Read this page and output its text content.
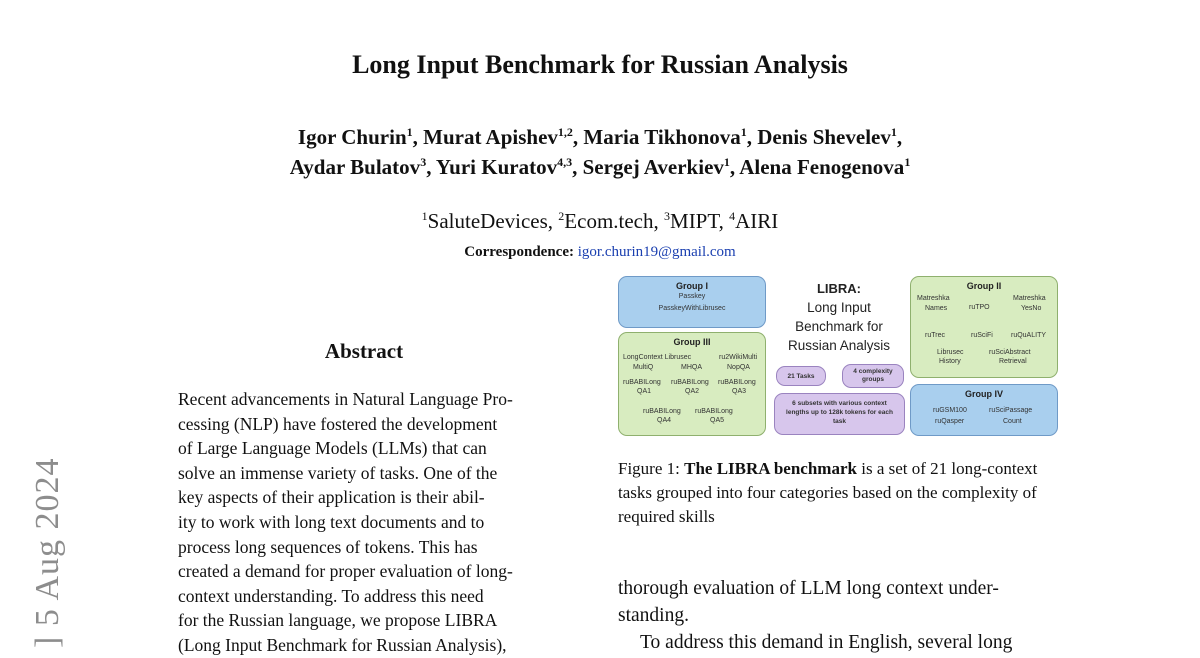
] 5 Aug 2024
Long Input Benchmark for Russian Analysis
Igor Churin$^1$, Murat Apishev$^{1,2}$, Maria Tikhonova$^1$, Denis Shevelev$^1$,
Aydar Bulatov$^3$, Yuri Kuratov$^{4,3}$, Sergej Averkiev$^1$, Alena Fenogenova$^1$
$^1$SaluteDevices, $^2$Ecom.tech, $^3$MIPT, $^4$AIRI
Correspondence: igor.churin19@gmail.com
Abstract
Recent advancements in Natural Language Pro-
cessing (NLP) have fostered the development
of Large Language Models (LLMs) that can
solve an immense variety of tasks. One of the
key aspects of their application is their abil-
ity to work with long text documents and to
process long sequences of tokens. This has
created a demand for proper evaluation of long-
context understanding. To address this need
for the Russian language, we propose LIBRA
(Long Input Benchmark for Russian Analysis),
Group I
Passkey
PasskeyWithLibrusec
Group III
LongContext Librusec	ru2WikiMulti
MultiQ	MHQA	NopQA
ruBABILong ruBABILong ruBABILong
QA1	QA2	QA3
ruBABILong ruBABILong
QA4	QA5
LIBRA:
Long Input
Benchmark for
Russian Analysis
21 Tasks
4 complexity groups
6 subsets with various context lengths up to 128k tokens for each task
Group II
Matreshka
ruTPO
Matreshka
Names	YesNo
ruTrec	ruSciFi	ruQuALITY
Librusec	ruSciAbstract
History	Retrieval
Group IV
ruGSM100	ruSciPassage
ruQasper	Count

Figure 1: The LIBRA benchmark is a set of 21 long-context tasks grouped into four categories based on the complexity of required skills

thorough evaluation of LLM long context under-
standing.
To address this demand in English, several long
